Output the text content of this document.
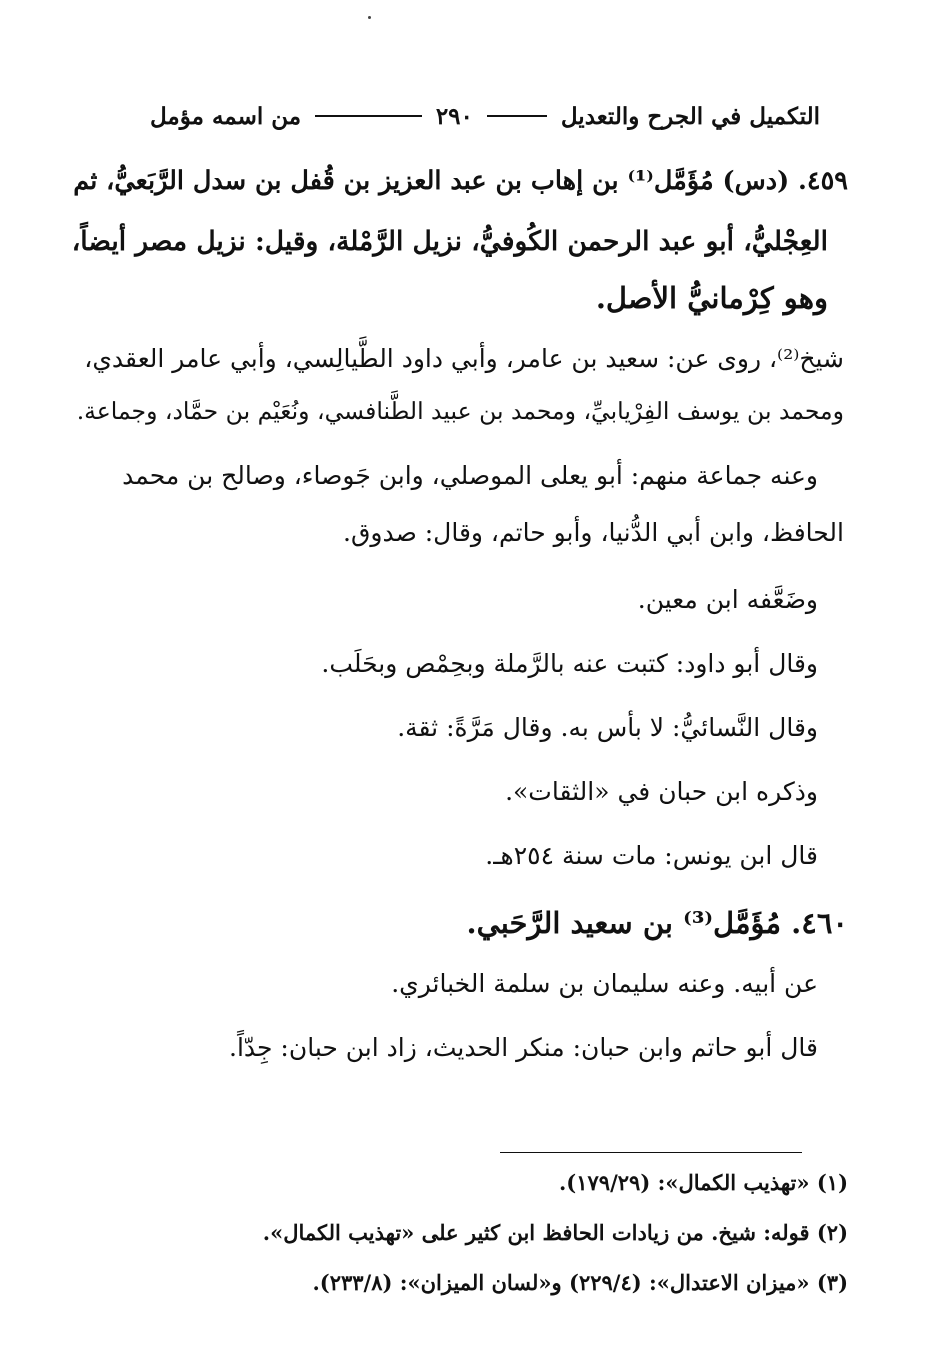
التكميل في الجرح والتعديل
٢٩٠
من اسمه مؤمل
٤٥٩. (دس) مُؤَمَّل⁽¹⁾ بن إهاب بن عبد العزيز بن قُفل بن سدل الرَّبَعيُّ، ثم
العِجْليُّ، أبو عبد الرحمن الكُوفيُّ، نزيل الرَّمْلة، وقيل: نزيل مصر أيضاً،
وهو كِرْمانيُّ الأصل.
شيخ⁽²⁾، روى عن: سعيد بن عامر، وأبي داود الطَّيالِسي، وأبي عامر العقدي،
ومحمد بن يوسف الفِرْيابيِّ، ومحمد بن عبيد الطَّنافسي، ونُعَيْم بن حمَّاد، وجماعة.
وعنه جماعة منهم: أبو يعلى الموصلي، وابن جَوصاء، وصالح بن محمد
الحافظ، وابن أبي الدُّنيا، وأبو حاتم، وقال: صدوق.
وضَعَّفه ابن معين.
وقال أبو داود: كتبت عنه بالرَّملة وبحِمْص وبحَلَب.
وقال النَّسائيُّ: لا بأس به. وقال مَرَّةً: ثقة.
وذكره ابن حبان في «الثقات».
قال ابن يونس: مات سنة ٢٥٤هـ.
٤٦٠. مُؤَمَّل⁽³⁾ بن سعيد الرَّحَبي.
عن أبيه. وعنه سليمان بن سلمة الخبائري.
قال أبو حاتم وابن حبان: منكر الحديث، زاد ابن حبان: جِدّاً.
(١) «تهذيب الكمال»: (١٧٩/٢٩).
(٢) قوله: شيخ. من زيادات الحافظ ابن كثير على «تهذيب الكمال».
(٣) «ميزان الاعتدال»: (٢٢٩/٤) و«لسان الميزان»: (٢٣٣/٨).
